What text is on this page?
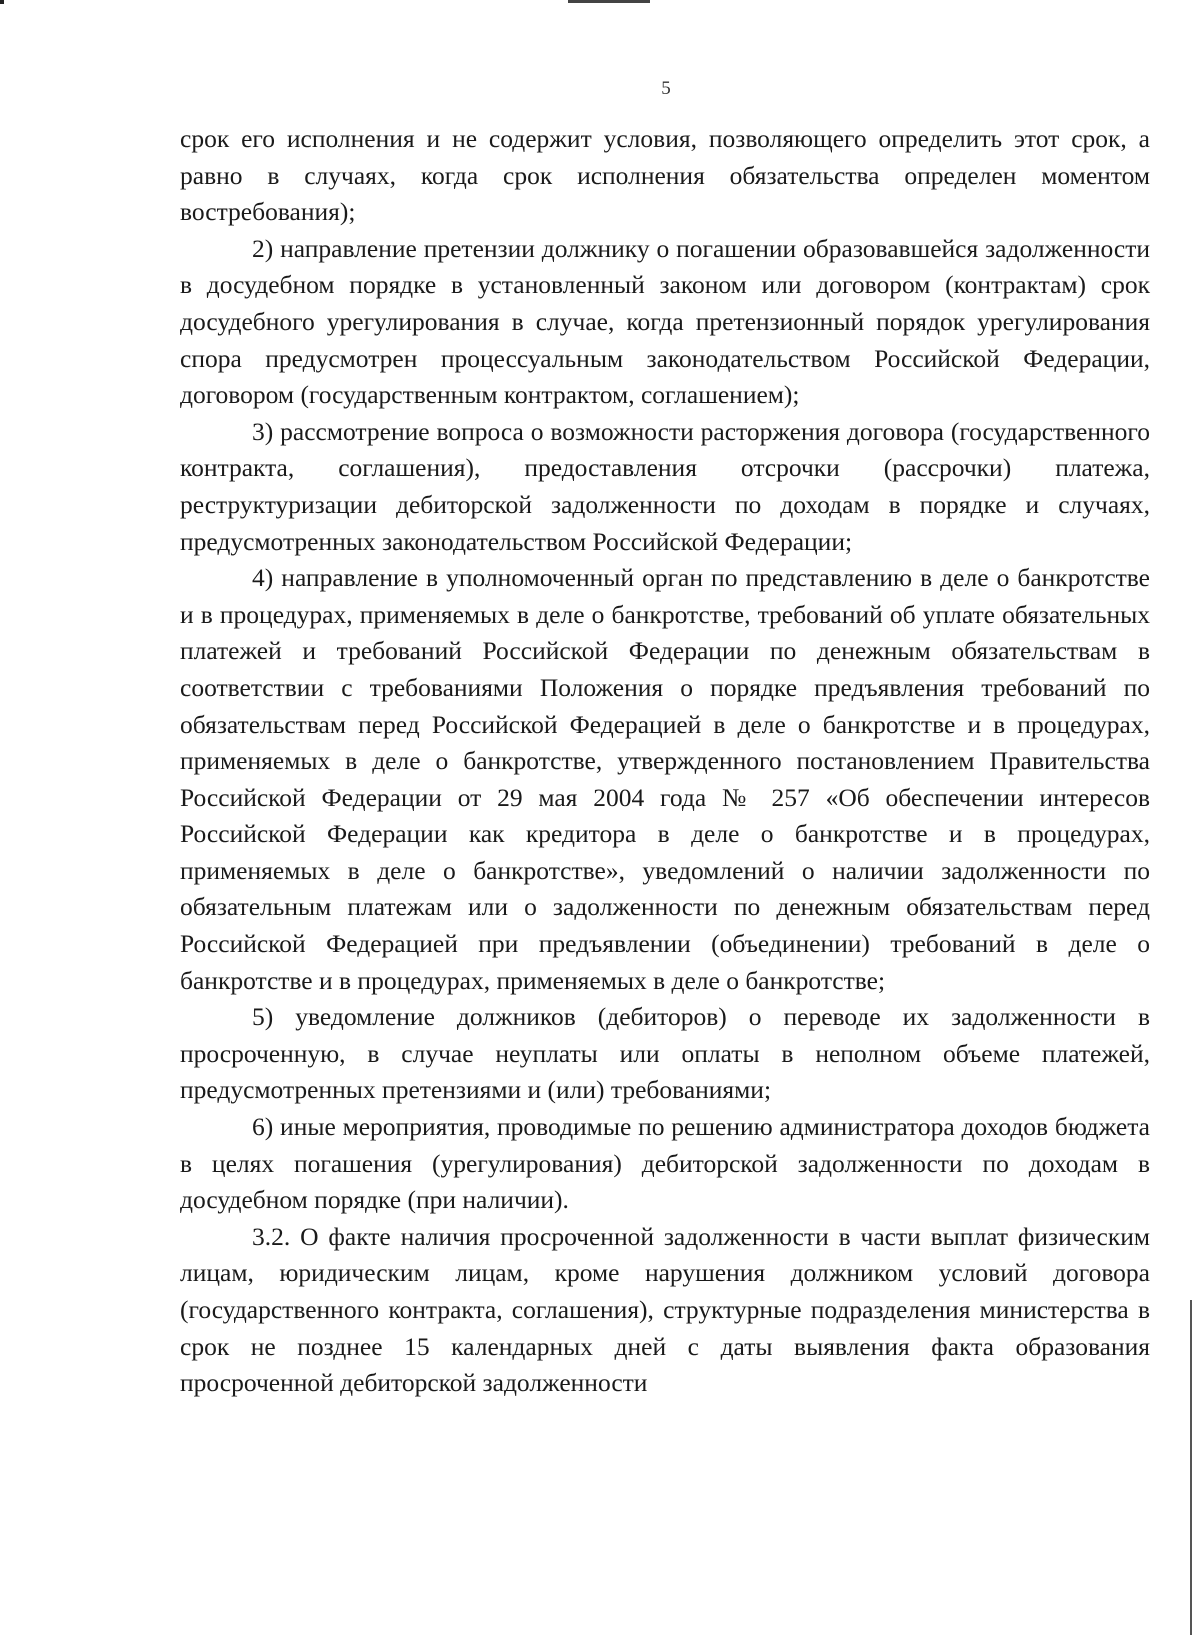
5

срок его исполнения и не содержит условия, позволяющего определить этот срок, а равно в случаях, когда срок исполнения обязательства определен моментом востребования);

2) направление претензии должнику о погашении образовавшейся задолженности в досудебном порядке в установленный законом или договором (контрактам) срок досудебного урегулирования в случае, когда претензионный порядок урегулирования спора предусмотрен процессуальным законодательством Российской Федерации, договором (государственным контрактом, соглашением);

3) рассмотрение вопроса о возможности расторжения договора (государственного контракта, соглашения), предоставления отсрочки (рассрочки) платежа, реструктуризации дебиторской задолженности по доходам в порядке и случаях, предусмотренных законодательством Российской Федерации;

4) направление в уполномоченный орган по представлению в деле о банкротстве и в процедурах, применяемых в деле о банкротстве, требований об уплате обязательных платежей и требований Российской Федерации по денежным обязательствам в соответствии с требованиями Положения о порядке предъявления требований по обязательствам перед Российской Федерацией в деле о банкротстве и в процедурах, применяемых в деле о банкротстве, утвержденного постановлением Правительства Российской Федерации от 29 мая 2004 года № 257 «Об обеспечении интересов Российской Федерации как кредитора в деле о банкротстве и в процедурах, применяемых в деле о банкротстве», уведомлений о наличии задолженности по обязательным платежам или о задолженности по денежным обязательствам перед Российской Федерацией при предъявлении (объединении) требований в деле о банкротстве и в процедурах, применяемых в деле о банкротстве;

5) уведомление должников (дебиторов) о переводе их задолженности в просроченную, в случае неуплаты или оплаты в неполном объеме платежей, предусмотренных претензиями и (или) требованиями;

6) иные мероприятия, проводимые по решению администратора доходов бюджета в целях погашения (урегулирования) дебиторской задолженности по доходам в досудебном порядке (при наличии).

3.2. О факте наличия просроченной задолженности в части выплат физическим лицам, юридическим лицам, кроме нарушения должником условий договора (государственного контракта, соглашения), структурные подразделения министерства в срок не позднее 15 календарных дней с даты выявления факта образования просроченной дебиторской задолженности
